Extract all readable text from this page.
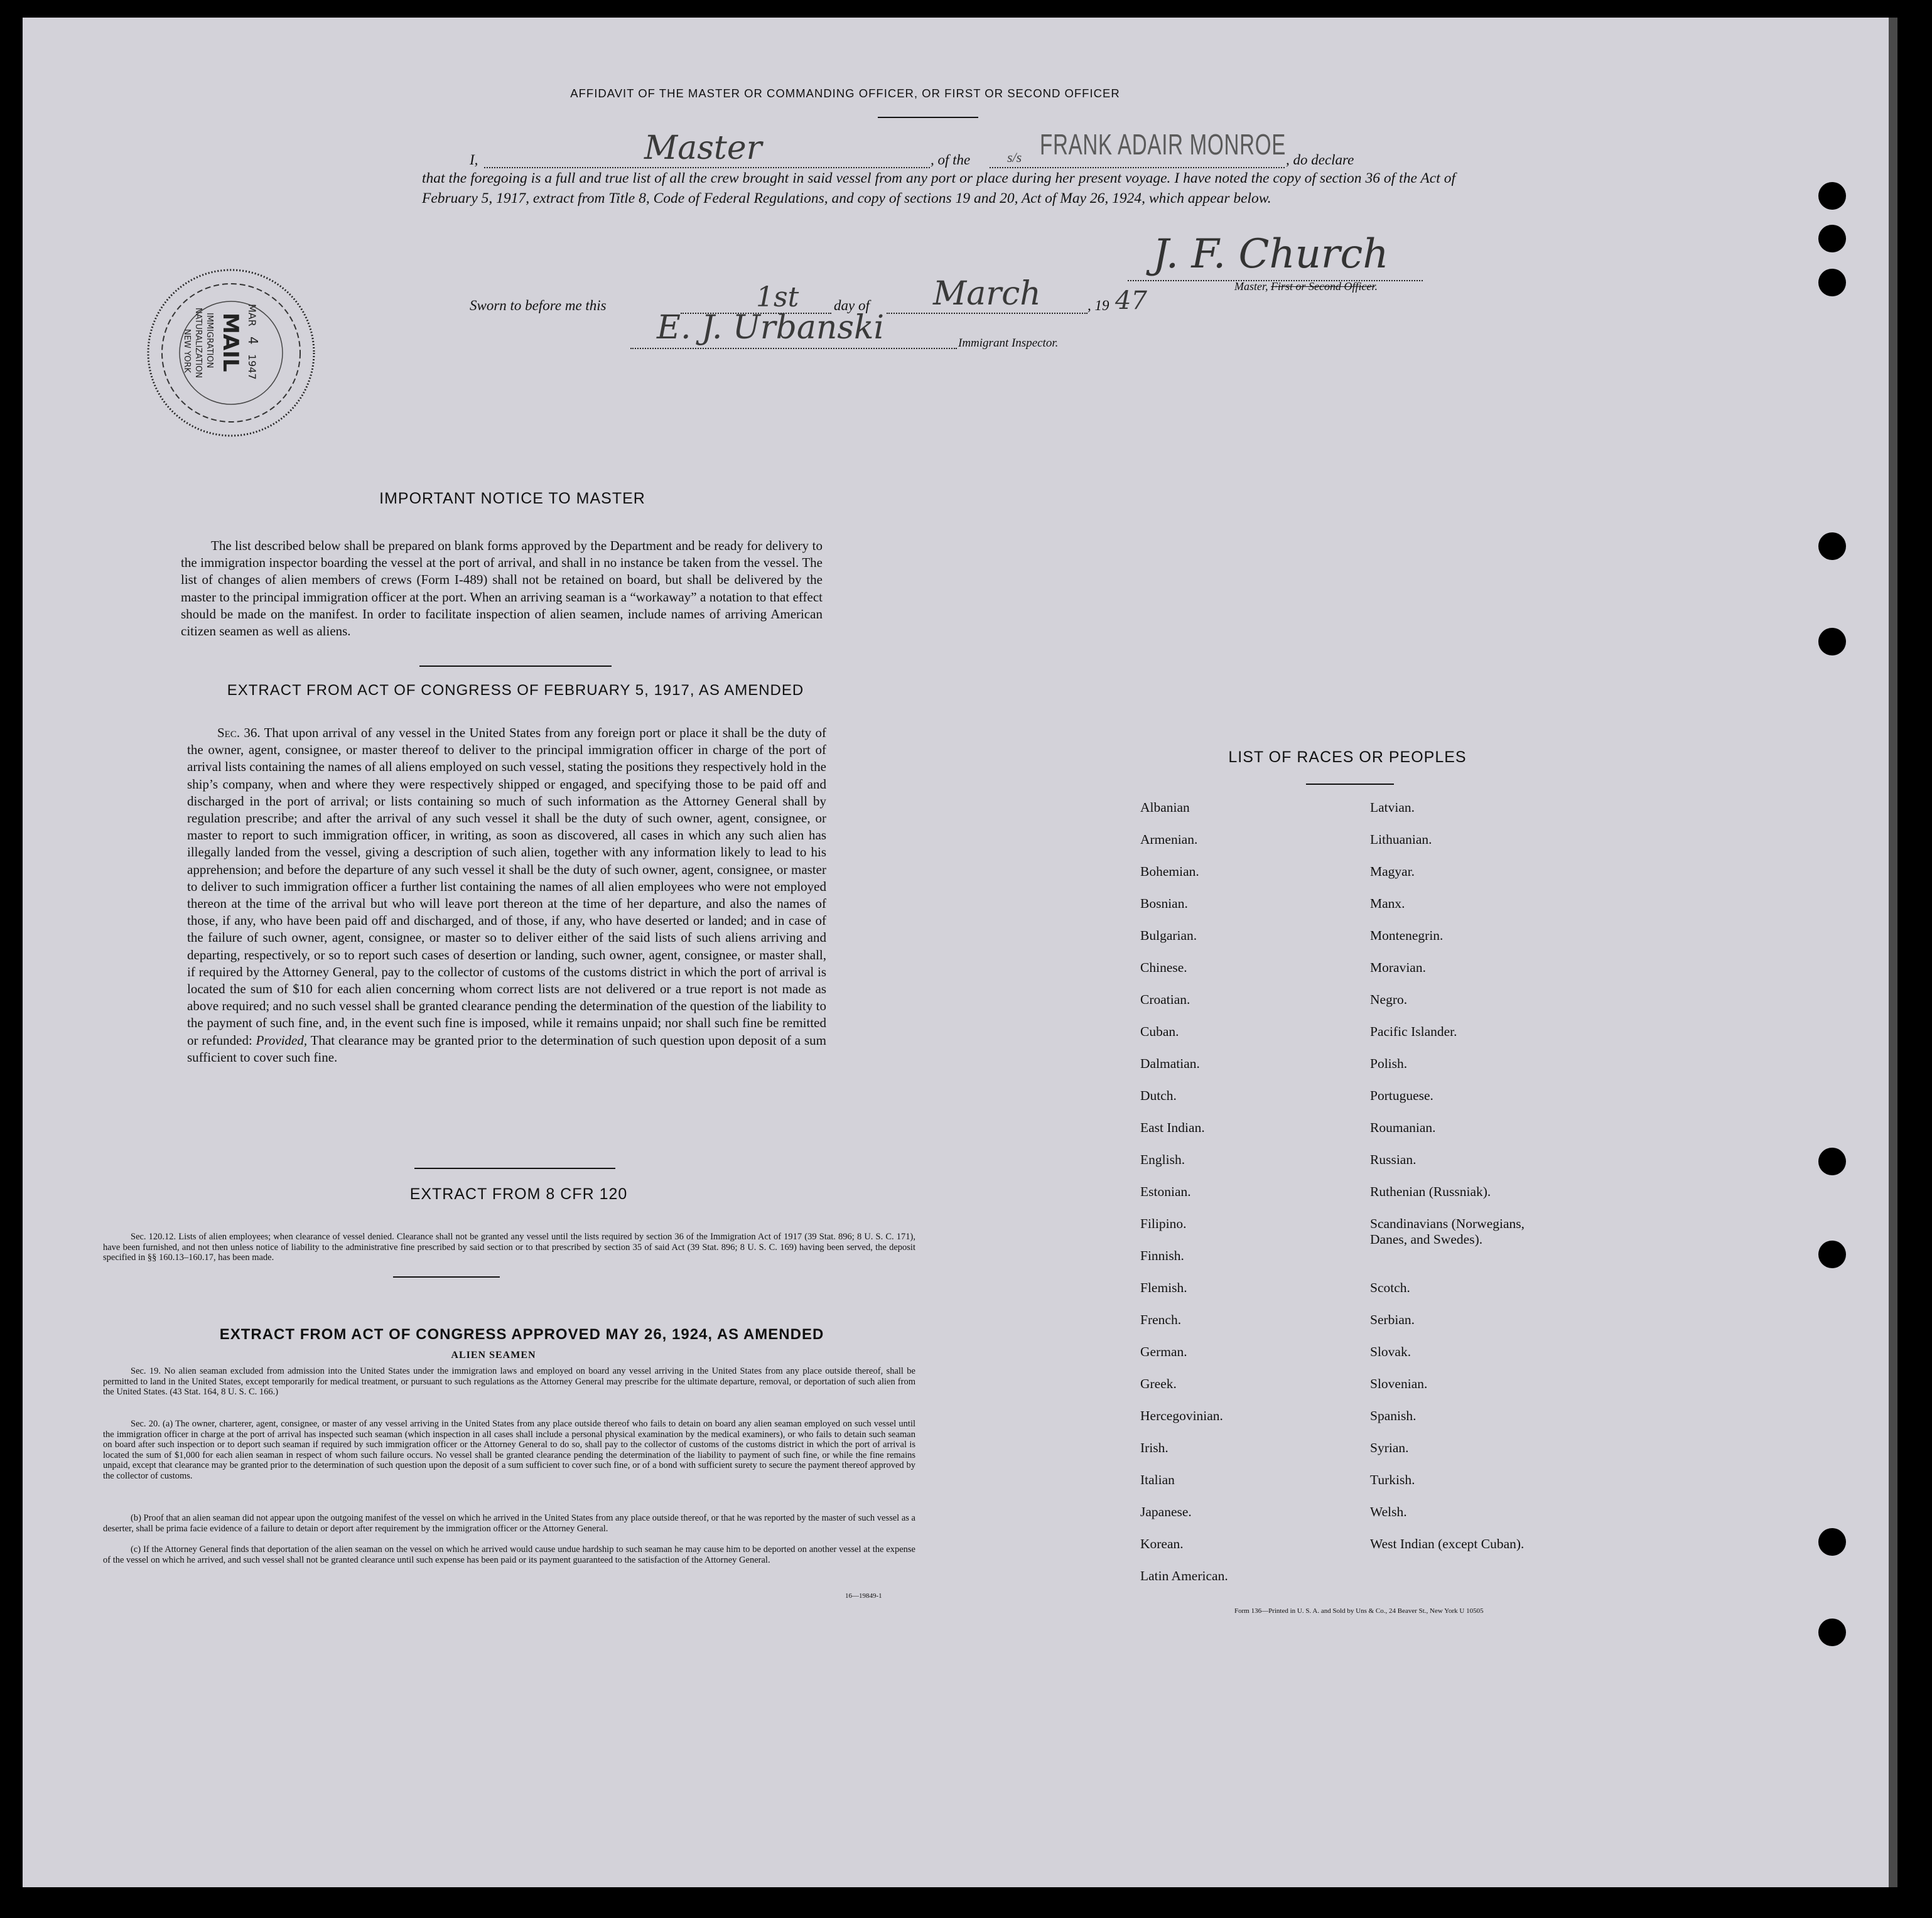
AFFIDAVIT OF THE MASTER OR COMMANDING OFFICER, OR FIRST OR SECOND OFFICER
I,	Master	, of the	s/s FRANK ADAIR MONROE , do declare
that the foregoing is a full and true list of all the crew brought in said vessel from any port or place during her present voyage. I have noted the copy of section 36 of the Act of February 5, 1917, extract from Title 8, Code of Federal Regulations, and copy of sections 19 and 20, Act of May 26, 1924, which appear below.
J. F. Church
Master, First or Second Officer.
Sworn to before me this	1st day of March	, 19 47
E. J. Urbanski	Immigrant Inspector.
MAR
4
1947
MAIL
IMMIGRATION
NATURALIZATION
NEW YORK
IMPORTANT NOTICE TO MASTER
The list described below shall be prepared on blank forms approved by the Department and be ready for delivery to the immigration inspector boarding the vessel at the port of arrival, and shall in no instance be taken from the vessel. The list of changes of alien members of crews (Form I-489) shall not be retained on board, but shall be delivered by the master to the principal immigration officer at the port. When an arriving seaman is a “workaway” a notation to that effect should be made on the manifest. In order to facilitate inspection of alien seamen, include names of arriving American citizen seamen as well as aliens.
EXTRACT FROM ACT OF CONGRESS OF FEBRUARY 5, 1917, AS AMENDED
Sec. 36. That upon arrival of any vessel in the United States from any foreign port or place it shall be the duty of the owner, agent, consignee, or master thereof to deliver to the principal immigration officer in charge of the port of arrival lists containing the names of all aliens employed on such vessel, stating the positions they respectively hold in the ship’s company, when and where they were respectively shipped or engaged, and specifying those to be paid off and discharged in the port of arrival; or lists containing so much of such information as the Attorney General shall by regulation prescribe; and after the arrival of any such vessel it shall be the duty of such owner, agent, consignee, or master to report to such immigration officer, in writing, as soon as discovered, all cases in which any such alien has illegally landed from the vessel, giving a description of such alien, together with any information likely to lead to his apprehension; and before the departure of any such vessel it shall be the duty of such owner, agent, consignee, or master to deliver to such immigration officer a further list containing the names of all alien employees who were not employed thereon at the time of the arrival but who will leave port thereon at the time of her departure, and also the names of those, if any, who have been paid off and discharged, and of those, if any, who have deserted or landed; and in case of the failure of such owner, agent, consignee, or master so to deliver either of the said lists of such aliens arriving and departing, respectively, or so to report such cases of desertion or landing, such owner, agent, consignee, or master shall, if required by the Attorney General, pay to the collector of customs of the customs district in which the port of arrival is located the sum of $10 for each alien concerning whom correct lists are not delivered or a true report is not made as above required; and no such vessel shall be granted clearance pending the determination of the question of the liability to the payment of such fine, and, in the event such fine is imposed, while it remains unpaid; nor shall such fine be remitted or refunded: Provided, That clearance may be granted prior to the determination of such question upon deposit of a sum sufficient to cover such fine.
EXTRACT FROM 8 CFR 120
Sec. 120.12. Lists of alien employees; when clearance of vessel denied. Clearance shall not be granted any vessel until the lists required by section 36 of the Immigration Act of 1917 (39 Stat. 896; 8 U. S. C. 171), have been furnished, and not then unless notice of liability to the administrative fine prescribed by said section or to that prescribed by section 35 of said Act (39 Stat. 896; 8 U. S. C. 169) having been served, the deposit specified in §§ 160.13–160.17, has been made.
EXTRACT FROM ACT OF CONGRESS APPROVED MAY 26, 1924, AS AMENDED
ALIEN SEAMEN
Sec. 19. No alien seaman excluded from admission into the United States under the immigration laws and employed on board any vessel arriving in the United States from any place outside thereof, shall be permitted to land in the United States, except temporarily for medical treatment, or pursuant to such regulations as the Attorney General may prescribe for the ultimate departure, removal, or deportation of such alien from the United States. (43 Stat. 164, 8 U. S. C. 166.)
Sec. 20. (a) The owner, charterer, agent, consignee, or master of any vessel arriving in the United States from any place outside thereof who fails to detain on board any alien seaman employed on such vessel until the immigration officer in charge at the port of arrival has inspected such seaman (which inspection in all cases shall include a personal physical examination by the medical examiners), or who fails to detain such seaman on board after such inspection or to deport such seaman if required by such immigration officer or the Attorney General to do so, shall pay to the collector of customs of the customs district in which the port of arrival is located the sum of $1,000 for each alien seaman in respect of whom such failure occurs. No vessel shall be granted clearance pending the determination of the liability to payment of such fine, or while the fine remains unpaid, except that clearance may be granted prior to the determination of such question upon the deposit of a sum sufficient to cover such fine, or of a bond with sufficient surety to secure the payment thereof approved by the collector of customs.
(b) Proof that an alien seaman did not appear upon the outgoing manifest of the vessel on which he arrived in the United States from any place outside thereof, or that he was reported by the master of such vessel as a deserter, shall be prima facie evidence of a failure to detain or deport after requirement by the immigration officer or the Attorney General.
(c) If the Attorney General finds that deportation of the alien seaman on the vessel on which he arrived would cause undue hardship to such seaman he may cause him to be deported on another vessel at the expense of the vessel on which he arrived, and such vessel shall not be granted clearance until such expense has been paid or its payment guaranteed to the satisfaction of the Attorney General.
16—19849-1
LIST OF RACES OR PEOPLES
Albanian
Armenian.
Bohemian.
Bosnian.
Bulgarian.
Chinese.
Croatian.
Cuban.
Dalmatian.
Dutch.
East Indian.
English.
Estonian.
Filipino.
Finnish.
Flemish.
French.
German.
Greek.
Hercegovinian.
Irish.
Italian
Japanese.
Korean.
Latin American.
Latvian.
Lithuanian.
Magyar.
Manx.
Montenegrin.
Moravian.
Negro.
Pacific Islander.
Polish.
Portuguese.
Roumanian.
Russian.
Ruthenian (Russniak).
Scandinavians (Norwegians,
Danes, and Swedes).
Scotch.
Serbian.
Slovak.
Slovenian.
Spanish.
Syrian.
Turkish.
Welsh.
West Indian (except Cuban).
Form 136—Printed in U. S. A. and Sold by Uns & Co., 24 Beaver St., New York U 10505
